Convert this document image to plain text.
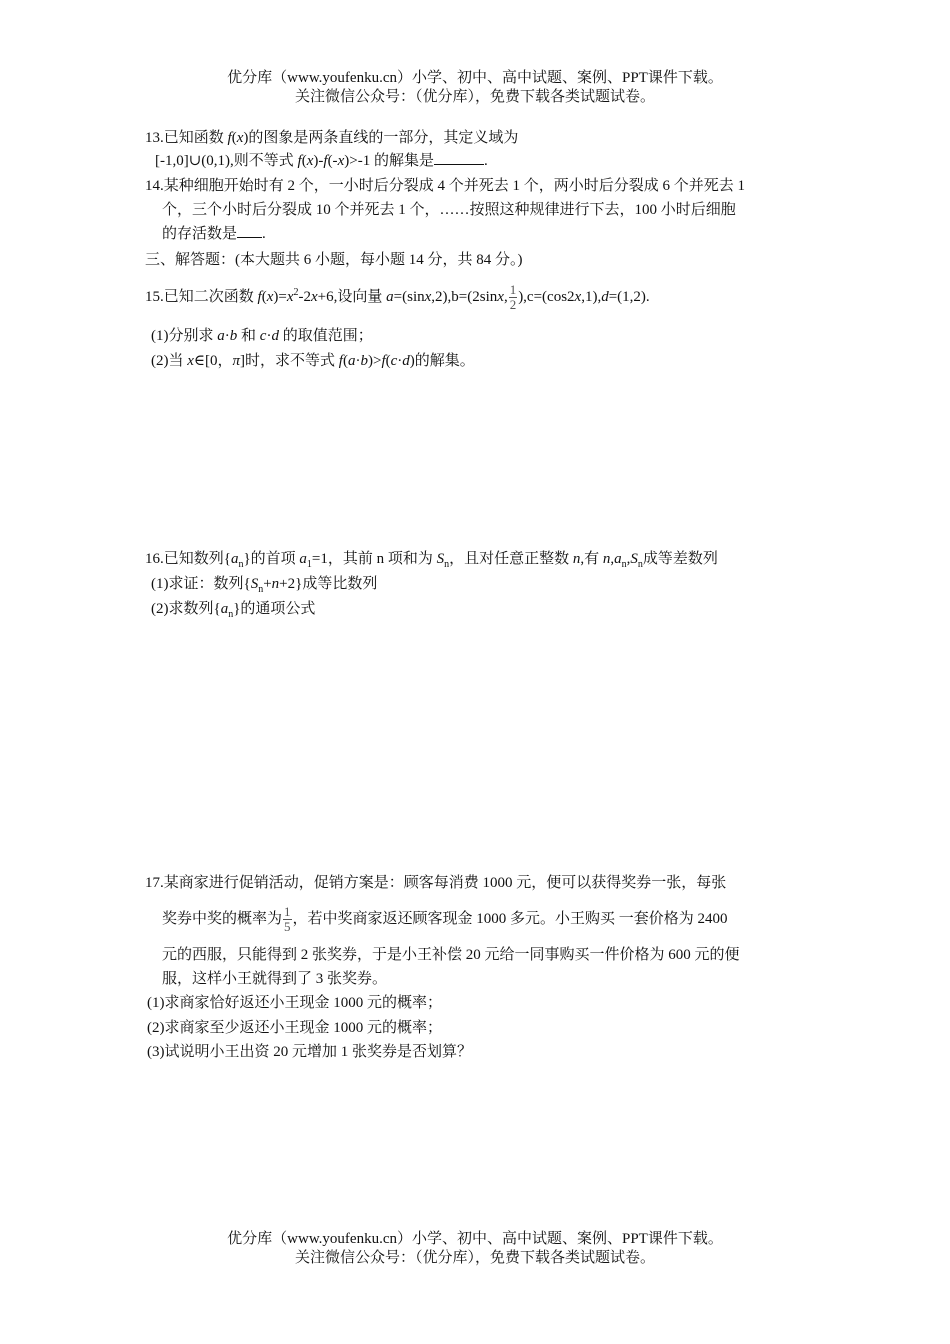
优分库（www.youfenku.cn）小学、初中、高中试题、案例、PPT课件下载。
关注微信公众号：（优分库），免费下载各类试题试卷。
13.已知函数 f(x)的图象是两条直线的一部分，其定义域为
[-1,0]∪(0,1),则不等式 f(x)-f(-x)>-1 的解集是	.
14.某种细胞开始时有 2 个，一小时后分裂成 4 个并死去 1 个，两小时后分裂成 6 个并死去 1
个，三个小时后分裂成 10 个并死去 1 个，……按照这种规律进行下去，100 小时后细胞
的存活数是 .
三、解答题：(本大题共 6 小题，每小题 14 分，共 84 分。)
15.已知二次函数 $f(x)=x^2-2x+6$,设向量 a=(sinx,2),b=(2sinx, $\frac{1}{2} ),c=(\cos 2x,1),d=(1,2)$.
(1)分别求 a·b 和 c·d 的取值范围；
(2)当 x∈[0，π]时，求不等式 f(a·b)>f(c·d)的解集。
16.已知数列$\{a_n\}$的首项 $a_1=1$，其前 n 项和为 $S_n$，且对任意正整数 n,有 $n,a_n,S_n$成等差数列
(1)求证：数列$\{S_n+n+2\}$成等比数列
(2)求数列$\{a_n\}$的通项公式
17.某商家进行促销活动，促销方案是：顾客每消费 1000 元，便可以获得奖券一张，每张
奖券中奖的概率为 $\frac{1}{5}$ ，若中奖商家返还顾客现金 1000 多元。小王购买 一套价格为 2400
元的西服，只能得到 2 张奖券，于是小王补偿 20 元给一同事购买一件价格为 600 元的便
服，这样小王就得到了 3 张奖券。
(1)求商家恰好返还小王现金 1000 元的概率；
(2)求商家至少返还小王现金 1000 元的概率；
(3)试说明小王出资 20 元增加 1 张奖券是否划算？
优分库（www.youfenku.cn）小学、初中、高中试题、案例、PPT课件下载。
关注微信公众号：（优分库），免费下载各类试题试卷。
